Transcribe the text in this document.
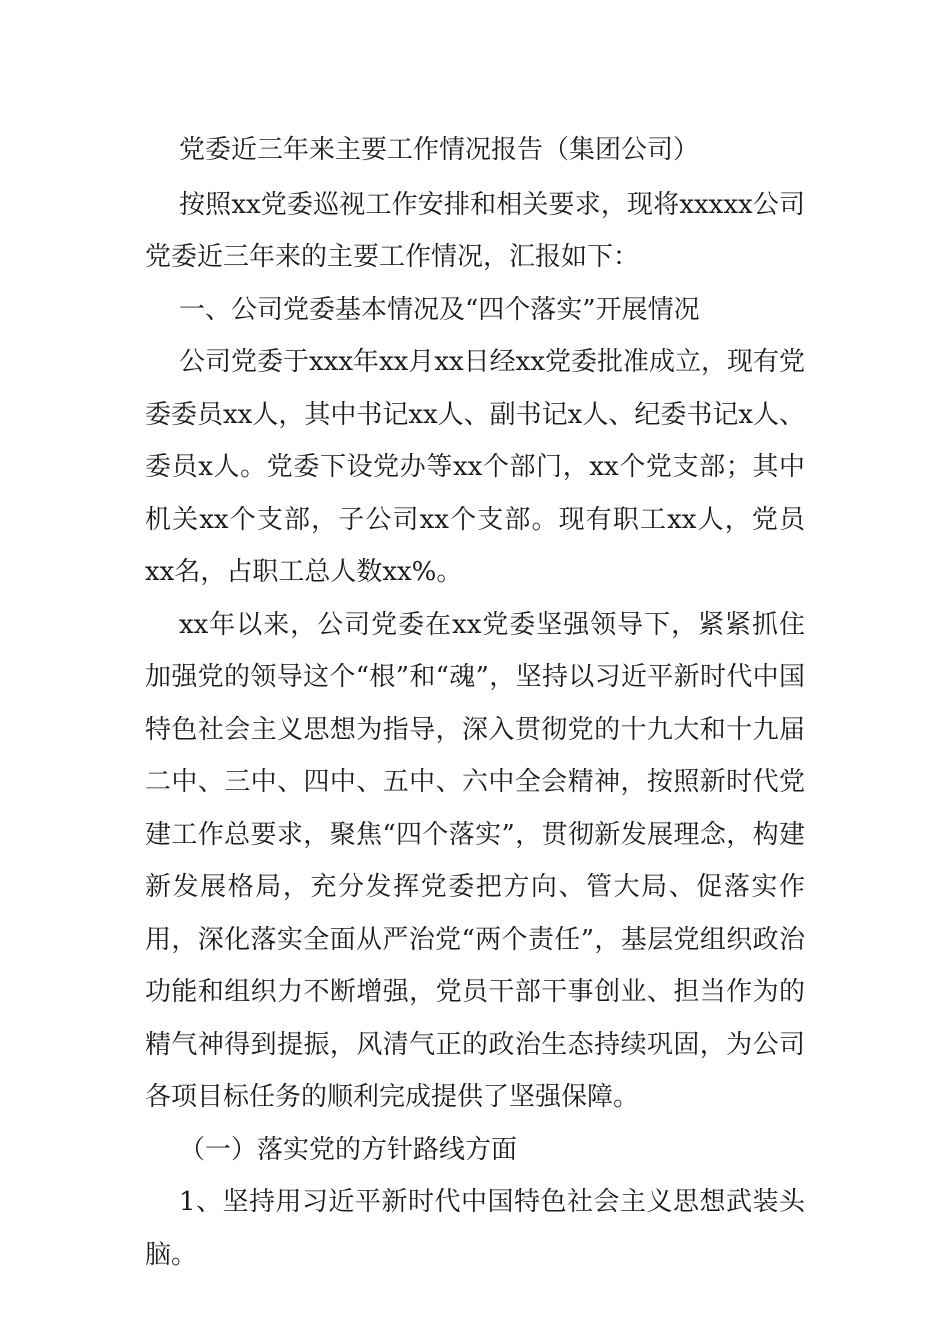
党委近三年来主要工作情况报告（集团公司）

按照xx党委巡视工作安排和相关要求，现将xxxxx公司党委近三年来的主要工作情况，汇报如下：

一、公司党委基本情况及“四个落实”开展情况

公司党委于xxx年xx月xx日经xx党委批准成立，现有党委委员xx人，其中书记xx人、副书记x人、纪委书记x人、委员x人。党委下设党办等xx个部门，xx个党支部；其中机关xx个支部，子公司xx个支部。现有职工xx人，党员xx名，占职工总人数xx%。

xx年以来，公司党委在xx党委坚强领导下，紧紧抓住加强党的领导这个“根”和“魂”，坚持以习近平新时代中国特色社会主义思想为指导，深入贯彻党的十九大和十九届二中、三中、四中、五中、六中全会精神，按照新时代党建工作总要求，聚焦“四个落实”，贯彻新发展理念，构建新发展格局，充分发挥党委把方向、管大局、促落实作用，深化落实全面从严治党“两个责任”，基层党组织政治功能和组织力不断增强，党员干部干事创业、担当作为的精气神得到提振，风清气正的政治生态持续巩固，为公司各项目标任务的顺利完成提供了坚强保障。

（一）落实党的方针路线方面

1、坚持用习近平新时代中国特色社会主义思想武装头脑。
